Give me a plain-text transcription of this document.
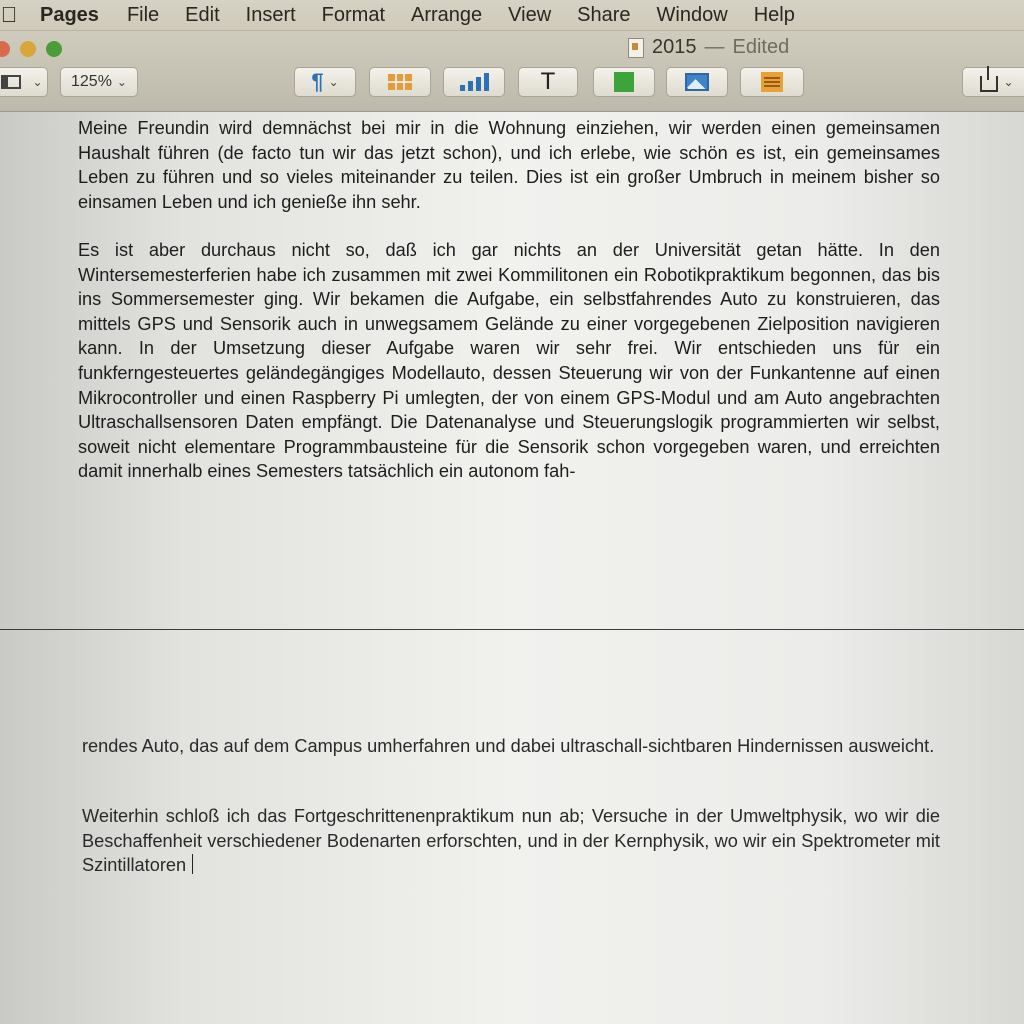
Pages File Edit Insert Format Arrange View Share Window Help
2015 — Edited
⌄ 125% ⌄	¶ ⌄	T	⌄

Meine Freundin wird demnächst bei mir in die Wohnung einziehen, wir werden einen gemeinsamen Haushalt führen (de facto tun wir das jetzt schon), und ich erlebe, wie schön es ist, ein gemeinsames Leben zu führen und so vieles miteinander zu teilen. Dies ist ein großer Umbruch in meinem bisher so einsamen Leben und ich genieße ihn sehr.

Es ist aber durchaus nicht so, daß ich gar nichts an der Universität getan hätte. In den Wintersemesterferien habe ich zusammen mit zwei Kommilitonen ein Robotikpraktikum begonnen, das bis ins Sommersemester ging. Wir bekamen die Aufgabe, ein selbstfahrendes Auto zu konstruieren, das mittels GPS und Sensorik auch in unwegsamem Gelände zu einer vorgegebenen Zielposition navigieren kann. In der Umsetzung dieser Aufgabe waren wir sehr frei. Wir entschieden uns für ein funkferngesteuertes geländegängiges Modellauto, dessen Steuerung wir von der Funkantenne auf einen Mikrocontroller und einen Raspberry Pi umlegten, der von einem GPS-Modul und am Auto angebrachten Ultraschallsensoren Daten empfängt. Die Datenanalyse und Steuerungslogik programmierten wir selbst, soweit nicht elementare Programmbausteine für die Sensorik schon vorgegeben waren, und erreichten damit innerhalb eines Semesters tatsächlich ein autonom fah-

rendes Auto, das auf dem Campus umherfahren und dabei ultraschall-sichtbaren Hindernissen ausweicht.

Weiterhin schloß ich das Fortgeschrittenenpraktikum nun ab; Versuche in der Umweltphysik, wo wir die Beschaffenheit verschiedener Bodenarten erforschten, und in der Kernphysik, wo wir ein Spektrometer mit Szintillatoren
